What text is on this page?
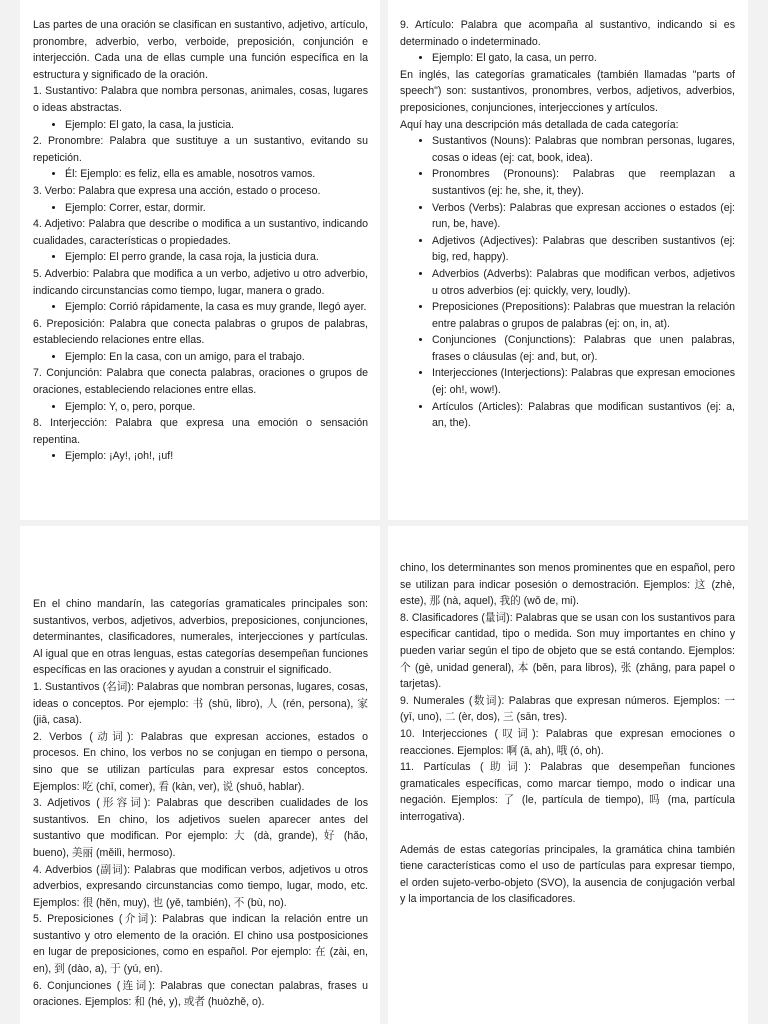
Las partes de una oración se clasifican en sustantivo, adjetivo, artículo, pronombre, adverbio, verbo, verboide, preposición, conjunción e interjección. Cada una de ellas cumple una función específica en la estructura y significado de la oración.

1. Sustantivo: Palabra que nombra personas, animales, cosas, lugares o ideas abstractas.

• Ejemplo: El gato, la casa, la justicia.

2. Pronombre: Palabra que sustituye a un sustantivo, evitando su repetición.

• Él: Ejemplo: es feliz, ella es amable, nosotros vamos.

3. Verbo: Palabra que expresa una acción, estado o proceso.

• Ejemplo: Correr, estar, dormir.

4. Adjetivo: Palabra que describe o modifica a un sustantivo, indicando cualidades, características o propiedades.

• Ejemplo: El perro grande, la casa roja, la justicia dura.

5. Adverbio: Palabra que modifica a un verbo, adjetivo u otro adverbio, indicando circunstancias como tiempo, lugar, manera o grado.

• Ejemplo: Corrió rápidamente, la casa es muy grande, llegó ayer.

6. Preposición: Palabra que conecta palabras o grupos de palabras, estableciendo relaciones entre ellas.

• Ejemplo: En la casa, con un amigo, para el trabajo.

7. Conjunción: Palabra que conecta palabras, oraciones o grupos de oraciones, estableciendo relaciones entre ellas.

• Ejemplo: Y, o, pero, porque.

8. Interjección: Palabra que expresa una emoción o sensación repentina.

• Ejemplo: ¡Ay!, ¡oh!, ¡uf!

9. Artículo: Palabra que acompaña al sustantivo, indicando si es determinado o indeterminado.

• Ejemplo: El gato, la casa, un perro.

En inglés, las categorías gramaticales (también llamadas "parts of speech") son: sustantivos, pronombres, verbos, adjetivos, adverbios, preposiciones, conjunciones, interjecciones y artículos.

Aquí hay una descripción más detallada de cada categoría:

• Sustantivos (Nouns): Palabras que nombran personas, lugares, cosas o ideas (ej: cat, book, idea).
• Pronombres (Pronouns): Palabras que reemplazan a sustantivos (ej: he, she, it, they).
• Verbos (Verbs): Palabras que expresan acciones o estados (ej: run, be, have).
• Adjetivos (Adjectives): Palabras que describen sustantivos (ej: big, red, happy).
• Adverbios (Adverbs): Palabras que modifican verbos, adjetivos u otros adverbios (ej: quickly, very, loudly).
• Preposiciones (Prepositions): Palabras que muestran la relación entre palabras o grupos de palabras (ej: on, in, at).
• Conjunciones (Conjunctions): Palabras que unen palabras, frases o cláusulas (ej: and, but, or).
• Interjecciones (Interjections): Palabras que expresan emociones (ej: oh!, wow!).
• Artículos (Articles): Palabras que modifican sustantivos (ej: a, an, the).

En el chino mandarín, las categorías gramaticales principales son: sustantivos, verbos, adjetivos, adverbios, preposiciones, conjunciones, determinantes, clasificadores, numerales, interjecciones y partículas. Al igual que en otras lenguas, estas categorías desempeñan funciones específicas en las oraciones y ayudan a construir el significado.

1. Sustantivos (名词): Palabras que nombran personas, lugares, cosas, ideas o conceptos. Por ejemplo: 书 (shū, libro), 人 (rén, persona), 家 (jiā, casa).

2. Verbos (动词): Palabras que expresan acciones, estados o procesos. En chino, los verbos no se conjugan en tiempo o persona, sino que se utilizan partículas para expresar estos conceptos. Ejemplos: 吃 (chī, comer), 看 (kàn, ver), 说 (shuō, hablar).

3. Adjetivos (形容词): Palabras que describen cualidades de los sustantivos. En chino, los adjetivos suelen aparecer antes del sustantivo que modifican. Por ejemplo: 大 (dà, grande), 好 (hǎo, bueno), 美丽 (měilì, hermoso).

4. Adverbios (副词): Palabras que modifican verbos, adjetivos u otros adverbios, expresando circunstancias como tiempo, lugar, modo, etc. Ejemplos: 很 (hěn, muy), 也 (yě, también), 不 (bù, no).

5. Preposiciones (介词): Palabras que indican la relación entre un sustantivo y otro elemento de la oración. El chino usa postposiciones en lugar de preposiciones, como en español. Por ejemplo: 在 (zài, en, en), 到 (dào, a), 于 (yú, en).

6. Conjunciones (连词): Palabras que conectan palabras, frases u oraciones. Ejemplos: 和 (hé, y), 或者 (huòzhě, o).

chino, los determinantes son menos prominentes que en español, pero se utilizan para indicar posesión o demostración. Ejemplos: 这 (zhè, este), 那 (nà, aquel), 我的 (wǒ de, mi).

8. Clasificadores (量词): Palabras que se usan con los sustantivos para especificar cantidad, tipo o medida. Son muy importantes en chino y pueden variar según el tipo de objeto que se está contando. Ejemplos: 个 (gè, unidad general), 本 (běn, para libros), 张 (zhāng, para papel o tarjetas).

9. Numerales (数词): Palabras que expresan números. Ejemplos: 一 (yī, uno), 二 (èr, dos), 三 (sān, tres).

10. Interjecciones (叹词): Palabras que expresan emociones o reacciones. Ejemplos: 啊 (ā, ah), 哦 (ó, oh).

11. Partículas (助词): Palabras que desempeñan funciones gramaticales específicas, como marcar tiempo, modo o indicar una negación. Ejemplos: 了 (le, partícula de tiempo), 吗 (ma, partícula interrogativa).

Además de estas categorías principales, la gramática china también tiene características como el uso de partículas para expresar tiempo, el orden sujeto-verbo-objeto (SVO), la ausencia de conjugación verbal y la importancia de los clasificadores.
